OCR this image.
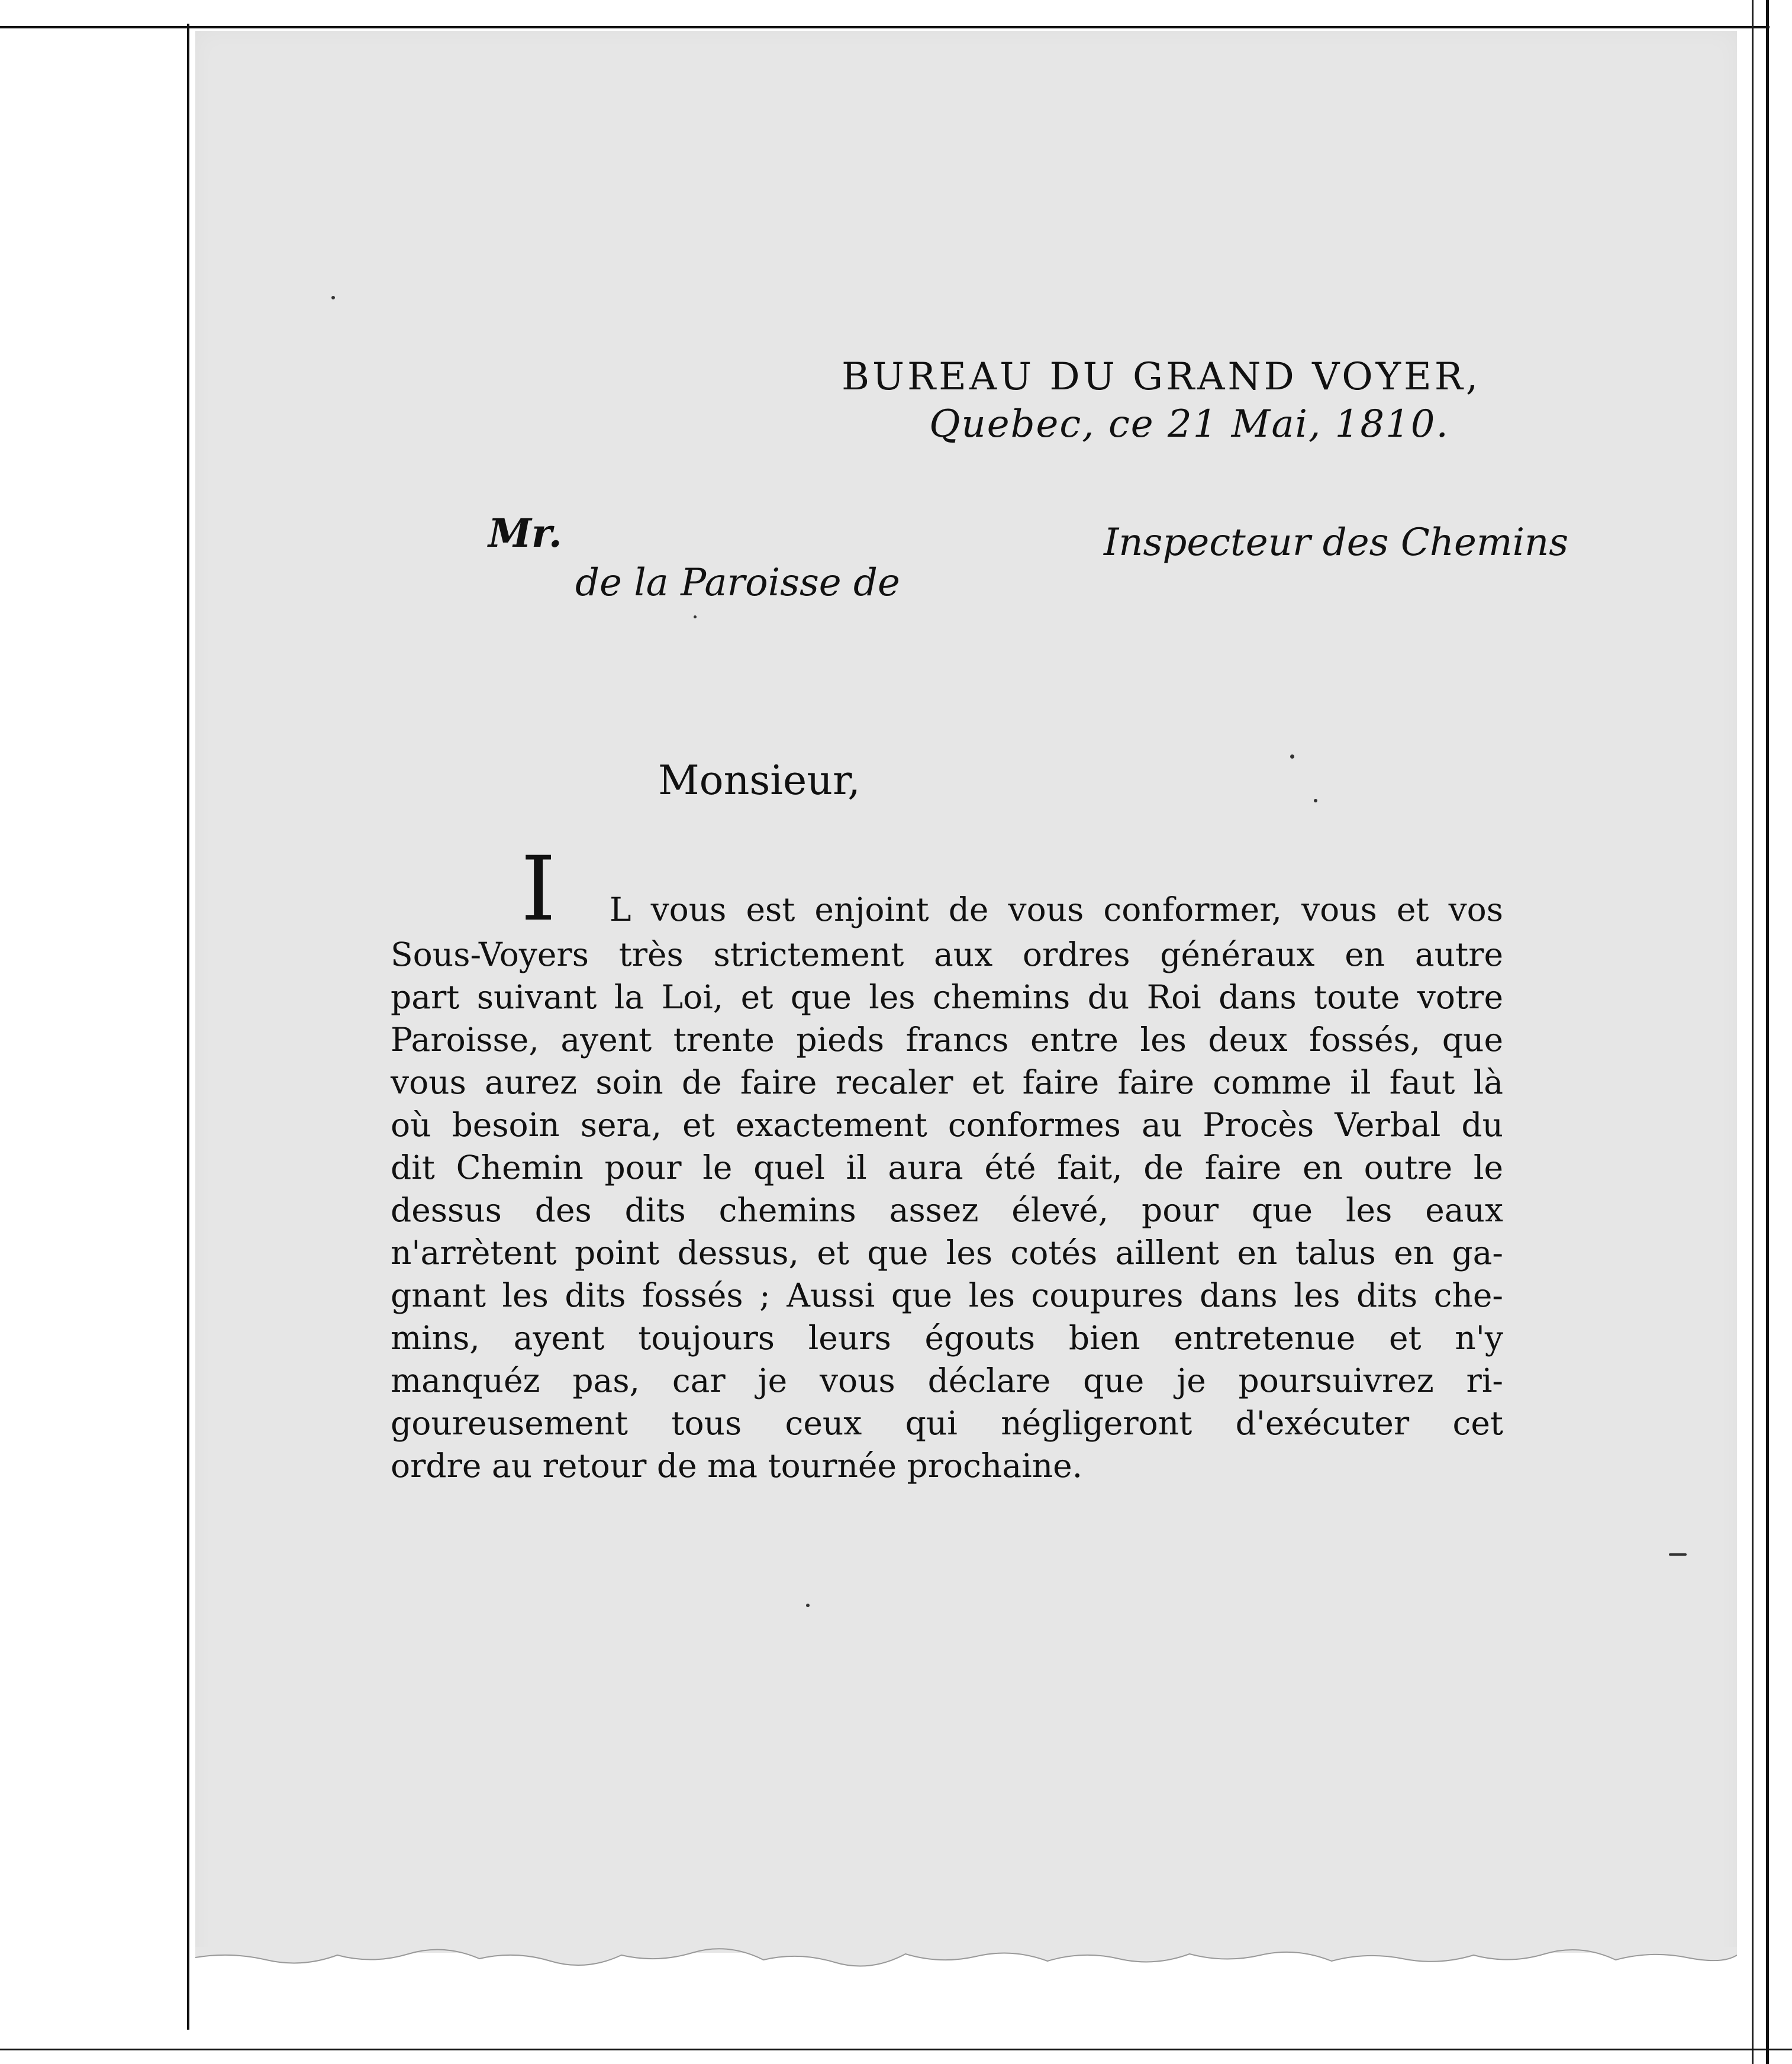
BUREAU DU GRAND VOYER,
Quebec, ce 21 Mai, 1810.
Mr.	Inspecteur des Chemins
de la Paroisse de
Monsieur,
I L vous est enjoint de vous conformer, vous et vos
Sous-Voyers très strictement aux ordres généraux en autre
part suivant la Loi, et que les chemins du Roi dans toute votre
Paroisse, ayent trente pieds francs entre les deux fossés, que
vous aurez soin de faire recaler et faire faire comme il faut là
où besoin sera, et exactement conformes au Procès Verbal du
dit Chemin pour le quel il aura été fait, de faire en outre le
dessus des dits chemins assez élevé, pour que les eaux
n'arrètent point dessus, et que les cotés aillent en talus en ga-
gnant les dits fossés ; Aussi que les coupures dans les dits che-
mins, ayent toujours leurs égouts bien entretenue et n'y
manquéz pas, car je vous déclare que je poursuivrez ri-
goureusement tous ceux qui négligeront d'exécuter cet
ordre au retour de ma tournée prochaine.
